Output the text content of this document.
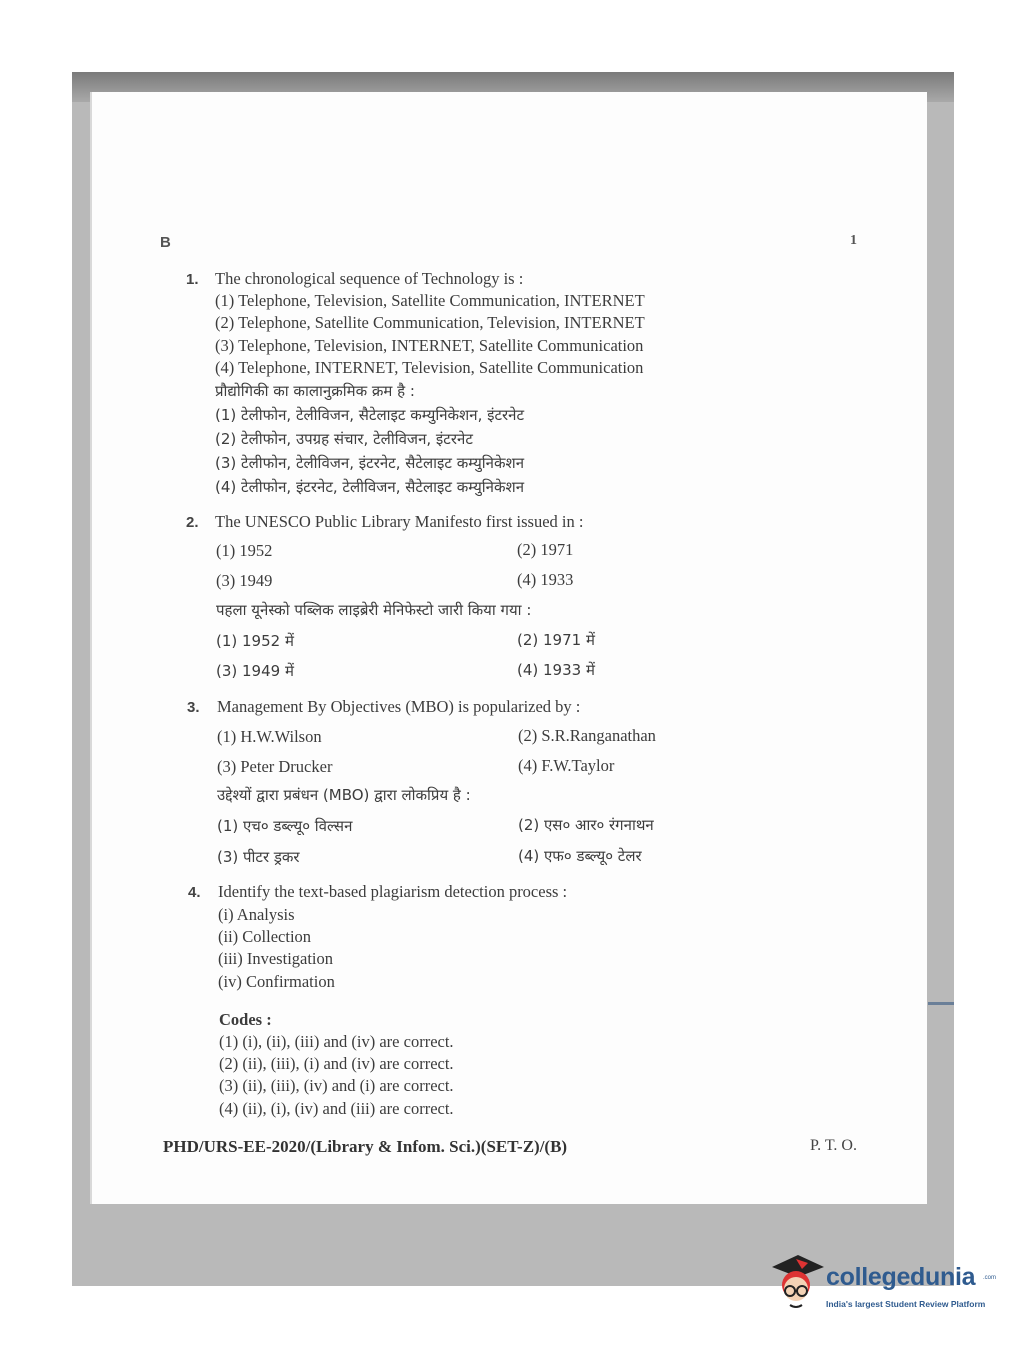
B	1
1. The chronological sequence of Technology is :
(1) Telephone, Television, Satellite Communication, INTERNET
(2) Telephone, Satellite Communication, Television, INTERNET
(3) Telephone, Television, INTERNET, Satellite Communication
(4) Telephone, INTERNET, Television, Satellite Communication
प्रौद्योगिकी का कालानुक्रमिक क्रम है :
(1) टेलीफोन, टेलीविजन, सैटेलाइट कम्युनिकेशन, इंटरनेट
(2) टेलीफोन, उपग्रह संचार, टेलीविजन, इंटरनेट
(3) टेलीफोन, टेलीविजन, इंटरनेट, सैटेलाइट कम्युनिकेशन
(4) टेलीफोन, इंटरनेट, टेलीविजन, सैटेलाइट कम्युनिकेशन
2. The UNESCO Public Library Manifesto first issued in :
(1) 1952	(2) 1971
(3) 1949	(4) 1933
पहला यूनेस्को पब्लिक लाइब्रेरी मेनिफेस्टो जारी किया गया :
(1) 1952 में	(2) 1971 में
(3) 1949 में	(4) 1933 में
3. Management By Objectives (MBO) is popularized by :
(1) H.W.Wilson	(2) S.R.Ranganathan
(3) Peter Drucker	(4) F.W.Taylor
उद्देश्यों द्वारा प्रबंधन (MBO) द्वारा लोकप्रिय है :
(1) एच० डब्ल्यू० विल्सन	(2) एस० आर० रंगनाथन
(3) पीटर ड्रकर	(4) एफ० डब्ल्यू० टेलर
4. Identify the text-based plagiarism detection process :
(i) Analysis
(ii) Collection
(iii) Investigation
(iv) Confirmation
Codes :
(1) (i), (ii), (iii) and (iv) are correct.
(2) (ii), (iii), (i) and (iv) are correct.
(3) (ii), (iii), (iv) and (i) are correct.
(4) (ii), (i), (iv) and (iii) are correct.
PHD/URS-EE-2020/(Library & Infom. Sci.)(SET-Z)/(B)	P. T. O.
collegedunia .com
India's largest Student Review Platform
